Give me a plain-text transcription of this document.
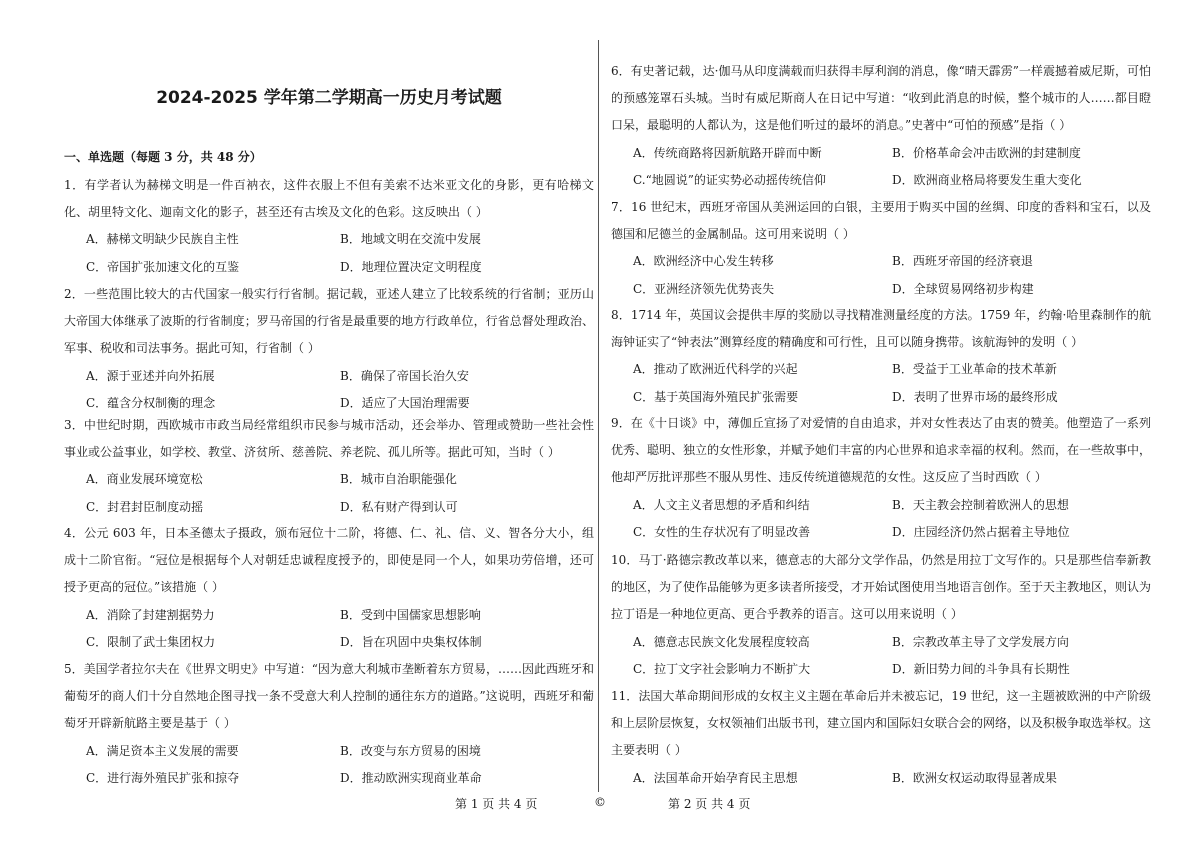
2024-2025 学年第二学期高一历史月考试题
一、单选题（每题 3 分，共 48 分）

1．有学者认为赫梯文明是一件百衲衣，这件衣服上不但有美索不达米亚文化的身影，更有哈梯文化、胡里特文化、迦南文化的影子，甚至还有古埃及文化的色彩。这反映出（ ）

A．赫梯文明缺少民族自主性	B．地域文明在交流中发展
C．帝国扩张加速文化的互鉴	D．地理位置决定文明程度

2．一些范围比较大的古代国家一般实行行省制。据记载，亚述人建立了比较系统的行省制；亚历山大帝国大体继承了波斯的行省制度；罗马帝国的行省是最重要的地方行政单位，行省总督处理政治、军事、税收和司法事务。据此可知，行省制（ ）

A．源于亚述并向外拓展	B．确保了帝国长治久安
C．蕴含分权制衡的理念	D．适应了大国治理需要

3．中世纪时期，西欧城市市政当局经常组织市民参与城市活动，还会举办、管理或赞助一些社会性事业或公益事业，如学校、教堂、济贫所、慈善院、养老院、孤儿所等。据此可知，当时（ ）

A．商业发展环境宽松	B．城市自治职能强化
C．封君封臣制度动摇	D．私有财产得到认可

4．公元 603 年，日本圣德太子摄政，颁布冠位十二阶，将德、仁、礼、信、义、智各分大小，组成十二阶官衔。“冠位是根据每个人对朝廷忠诚程度授予的，即使是同一个人，如果功劳倍增，还可授予更高的冠位。”该措施（ ）

A．消除了封建割据势力	B．受到中国儒家思想影响
C．限制了武士集团权力	D．旨在巩固中央集权体制

5．美国学者拉尔夫在《世界文明史》中写道：“因为意大利城市垄断着东方贸易，……因此西班牙和葡萄牙的商人们十分自然地企图寻找一条不受意大利人控制的通往东方的道路。”这说明，西班牙和葡萄牙开辟新航路主要是基于（ ）

A．满足资本主义发展的需要	B．改变与东方贸易的困境
C．进行海外殖民扩张和掠夺	D．推动欧洲实现商业革命

6．有史著记载，达·伽马从印度满载而归获得丰厚利润的消息，像“晴天霹雳”一样震撼着威尼斯，可怕的预感笼罩石头城。当时有威尼斯商人在日记中写道：“收到此消息的时候，整个城市的人……都目瞪口呆，最聪明的人都认为，这是他们听过的最坏的消息。”史著中“可怕的预感”是指（ ）

A．传统商路将因新航路开辟而中断	B．价格革命会冲击欧洲的封建制度
C.“地圆说”的证实势必动摇传统信仰	D．欧洲商业格局将要发生重大变化

7．16 世纪末，西班牙帝国从美洲运回的白银，主要用于购买中国的丝绸、印度的香料和宝石，以及德国和尼德兰的金属制品。这可用来说明（ ）

A．欧洲经济中心发生转移	B．西班牙帝国的经济衰退
C．亚洲经济领先优势丧失	D．全球贸易网络初步构建

8．1714 年，英国议会提供丰厚的奖励以寻找精准测量经度的方法。1759 年，约翰·哈里森制作的航海钟证实了“钟表法”测算经度的精确度和可行性，且可以随身携带。该航海钟的发明（ ）

A．推动了欧洲近代科学的兴起	B．受益于工业革命的技术革新
C．基于英国海外殖民扩张需要	D．表明了世界市场的最终形成

9．在《十日谈》中，薄伽丘宣扬了对爱情的自由追求，并对女性表达了由衷的赞美。他塑造了一系列优秀、聪明、独立的女性形象，并赋予她们丰富的内心世界和追求幸福的权利。然而，在一些故事中，他却严厉批评那些不服从男性、违反传统道德规范的女性。这反应了当时西欧（ ）

A．人文主义者思想的矛盾和纠结	B．天主教会控制着欧洲人的思想
C．女性的生存状况有了明显改善	D．庄园经济仍然占据着主导地位

10．马丁·路德宗教改革以来，德意志的大部分文学作品，仍然是用拉丁文写作的。只是那些信奉新教的地区，为了使作品能够为更多读者所接受，才开始试图使用当地语言创作。至于天主教地区，则认为拉丁语是一种地位更高、更合乎教养的语言。这可以用来说明（ ）

A．德意志民族文化发展程度较高	B．宗教改革主导了文学发展方向
C．拉丁文字社会影响力不断扩大	D．新旧势力间的斗争具有长期性

11．法国大革命期间形成的女权主义主题在革命后并未被忘记，19 世纪，这一主题被欧洲的中产阶级和上层阶层恢复，女权领袖们出版书刊，建立国内和国际妇女联合会的网络，以及积极争取选举权。这主要表明（ ）

A．法国革命开始孕育民主思想	B．欧洲女权运动取得显著成果
第 1 页 共 4 页	©	第 2 页 共 4 页
